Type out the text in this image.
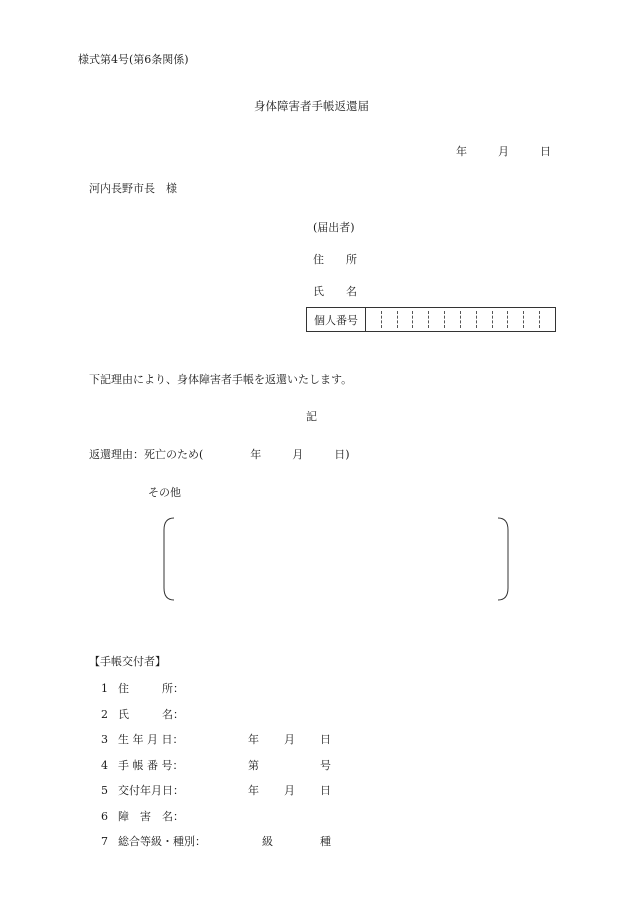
様式第4号(第6条関係)
身体障害者手帳返還届
年	月	日
河内長野市長　様
(届出者)
住　　所
氏　　名
個人番号
下記理由により、身体障害者手帳を返還いたします。
記
返還理由：死亡のため(	年	月	日)
その他
【手帳交付者】
1 住　　　所：
2 氏　　　名：
3 生 年 月 日：	年 月 日
4 手 帳 番 号：	第	号
5 交付年月日：	年 月 日
6 障　害　名：
7 総合等級・種別：	級	種
